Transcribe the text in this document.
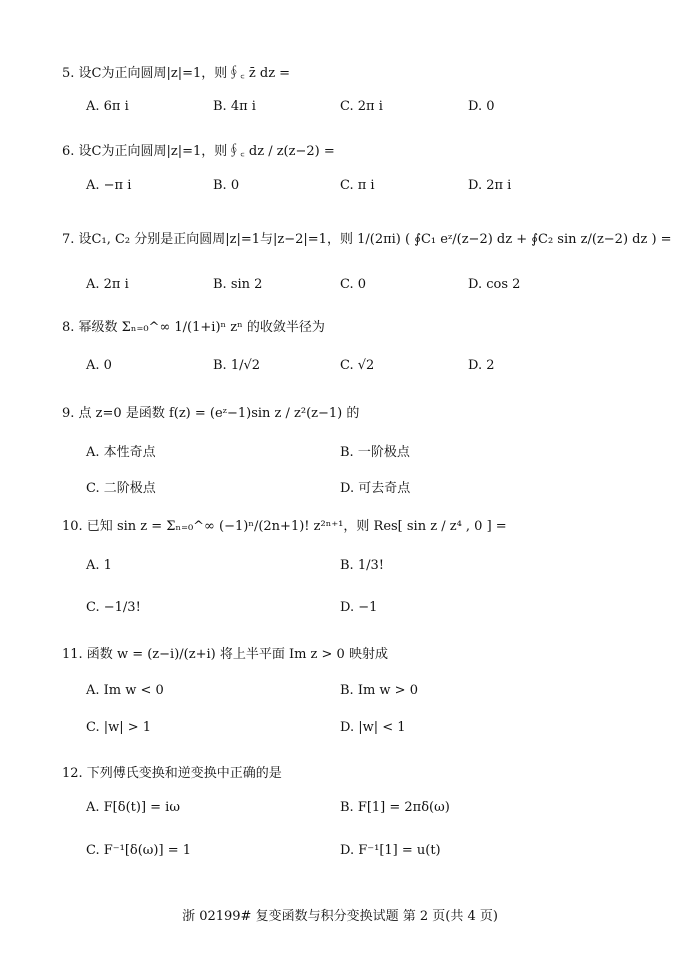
5. 设C为正向圆周|z|=1，则∮꜀ z̄ dz =
A. 6π i	B. 4π i	C. 2π i	D. 0
6. 设C为正向圆周|z|=1，则∮꜀ dz / z(z−2) =
A. −π i	B. 0	C. π i	D. 2π i
7. 设C₁, C₂ 分别是正向圆周|z|=1与|z−2|=1，则 1/(2πi) ( ∮C₁ eᶻ/(z−2) dz + ∮C₂ sin z/(z−2) dz ) =
A. 2π i	B. sin 2	C. 0	D. cos 2
8. 幂级数 Σₙ₌₀^∞ 1/(1+i)ⁿ zⁿ 的收敛半径为
A. 0	B. 1/√2	C. √2	D. 2
9. 点 z=0 是函数 f(z) = (eᶻ−1)sin z / z²(z−1) 的
A. 本性奇点	B. 一阶极点
C. 二阶极点	D. 可去奇点
10. 已知 sin z = Σₙ₌₀^∞ (−1)ⁿ/(2n+1)! z²ⁿ⁺¹，则 Res[ sin z / z⁴ , 0 ] =
A. 1	B. 1/3!
C. −1/3!	D. −1
11. 函数 w = (z−i)/(z+i) 将上半平面 Im z > 0 映射成
A. Im w < 0	B. Im w > 0
C. |w| > 1	D. |w| < 1
12. 下列傅氏变换和逆变换中正确的是
A. F[δ(t)] = iω	B. F[1] = 2πδ(ω)
C. F⁻¹[δ(ω)] = 1	D. F⁻¹[1] = u(t)
浙 02199# 复变函数与积分变换试题 第 2 页(共 4 页)
